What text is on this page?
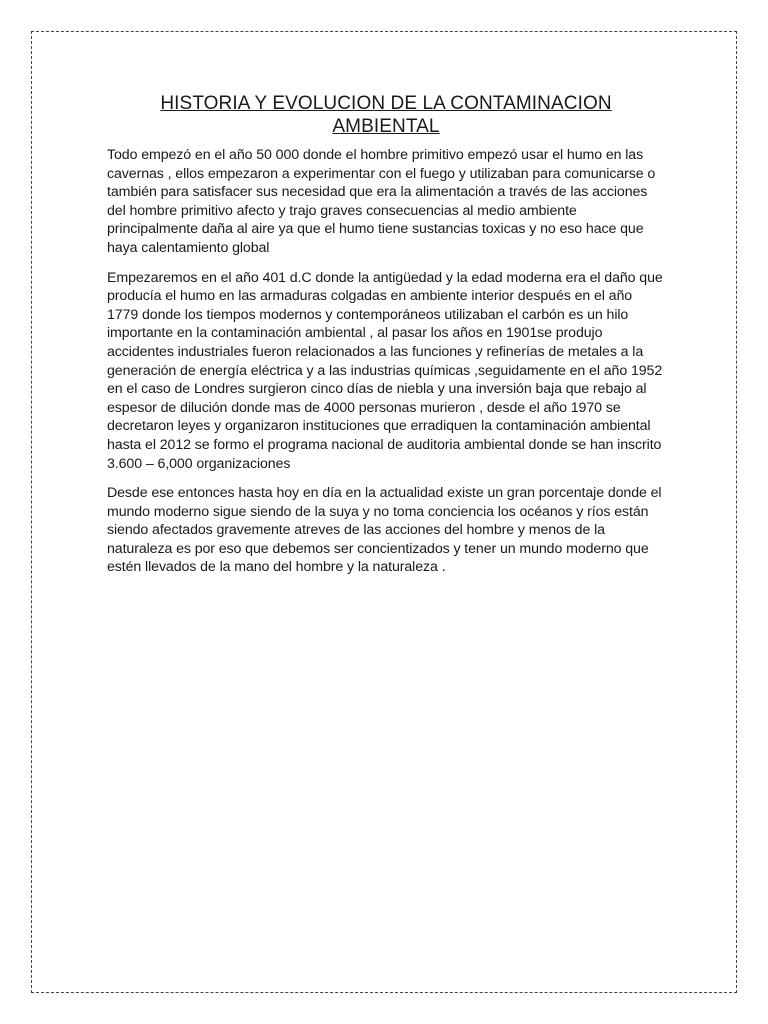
HISTORIA Y EVOLUCION DE LA CONTAMINACION AMBIENTAL

Todo empezó en el año 50 000 donde el hombre primitivo empezó usar el humo en las cavernas , ellos empezaron a experimentar con el fuego y utilizaban para comunicarse o también para satisfacer sus necesidad que era la alimentación a través de las acciones del hombre primitivo afecto y trajo graves consecuencias al medio ambiente principalmente daña al aire ya que el humo tiene sustancias toxicas y no eso hace que haya calentamiento global

Empezaremos en el año 401 d.C donde la antigüedad y la edad moderna era el daño que producía el humo en las armaduras colgadas en ambiente interior después en el año 1779 donde los tiempos modernos y contemporáneos utilizaban el carbón es un hilo importante en la contaminación ambiental , al pasar los años en 1901se produjo accidentes industriales fueron relacionados a las funciones y refinerías de metales a la generación de energía eléctrica y a las industrias químicas ,seguidamente en el año 1952 en el caso de Londres surgieron cinco días de niebla y una inversión baja que rebajo al espesor de dilución donde mas de 4000 personas murieron , desde el año 1970 se decretaron leyes y organizaron instituciones que erradiquen la contaminación ambiental hasta el 2012 se formo el programa nacional de auditoria ambiental donde se han inscrito 3.600 – 6,000 organizaciones

Desde ese entonces hasta hoy en día en la actualidad existe un gran porcentaje donde el mundo moderno sigue siendo de la suya y no toma conciencia los océanos y ríos están siendo afectados gravemente atreves de las acciones del hombre y menos de la naturaleza es por eso que debemos ser concientizados y tener un mundo moderno que estén llevados de la mano del hombre y la naturaleza .
